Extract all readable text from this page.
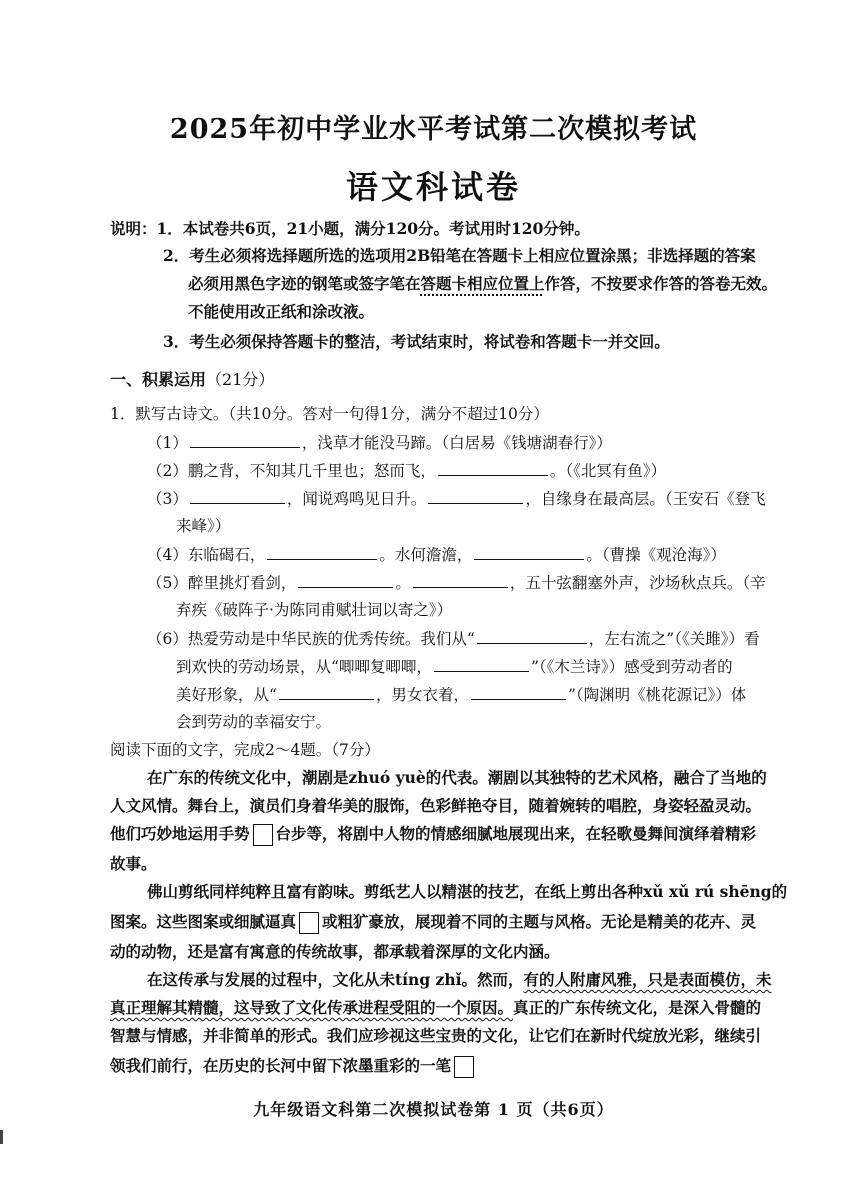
2025年初中学业水平考试第二次模拟考试
语文科试卷
说明：1．本试卷共6页，21小题，满分120分。考试用时120分钟。
2．考生必须将选择题所选的选项用2B铅笔在答题卡上相应位置涂黑；非选择题的答案
必须用黑色字迹的钢笔或签字笔在答题卡相应位置上作答，不按要求作答的答卷无效。
不能使用改正纸和涂改液。
3．考生必须保持答题卡的整洁，考试结束时，将试卷和答题卡一并交回。
一、积累运用（21分）
1．默写古诗文。（共10分。答对一句得1分，满分不超过10分）
（1）	，浅草才能没马蹄。（白居易《钱塘湖春行》）
（2）鹏之背，不知其几千里也；怒而飞，	。（《北冥有鱼》）
（3）	，闻说鸡鸣见日升。	，自缘身在最高层。（王安石《登飞
来峰》）
（4）东临碣石，	。水何澹澹，	。（曹操《观沧海》）
（5）醉里挑灯看剑，	。	，五十弦翻塞外声，沙场秋点兵。（辛
弃疾《破阵子·为陈同甫赋壮词以寄之》）
（6）热爱劳动是中华民族的优秀传统。我们从“	，左右流之”（《关雎》）看
到欢快的劳动场景，从“唧唧复唧唧，	”（《木兰诗》）感受到劳动者的
美好形象，从“	，男女衣着，	”（陶渊明《桃花源记》）体
会到劳动的幸福安宁。
阅读下面的文字，完成2～4题。（7分）
在广东的传统文化中，潮剧是zhuó yuè的代表。潮剧以其独特的艺术风格，融合了当地的
人文风情。舞台上，演员们身着华美的服饰，色彩鲜艳夺目，随着婉转的唱腔，身姿轻盈灵动。
他们巧妙地运用手势 台步等，将剧中人物的情感细腻地展现出来，在轻歌曼舞间演绎着精彩
故事。
佛山剪纸同样纯粹且富有韵味。剪纸艺人以精湛的技艺，在纸上剪出各种xǔ xǔ rú shēng的
图案。这些图案或细腻逼真 或粗犷豪放，展现着不同的主题与风格。无论是精美的花卉、灵
动的动物，还是富有寓意的传统故事，都承载着深厚的文化内涵。
在这传承与发展的过程中，文化从未tíng zhǐ。然而，有的人附庸风雅，只是表面模仿，未
真正理解其精髓，这导致了文化传承进程受阻的一个原因。真正的广东传统文化，是深入骨髓的
智慧与情感，并非简单的形式。我们应珍视这些宝贵的文化，让它们在新时代绽放光彩，继续引
领我们前行，在历史的长河中留下浓墨重彩的一笔
九年级语文科第二次模拟试卷第 1 页（共6页）
